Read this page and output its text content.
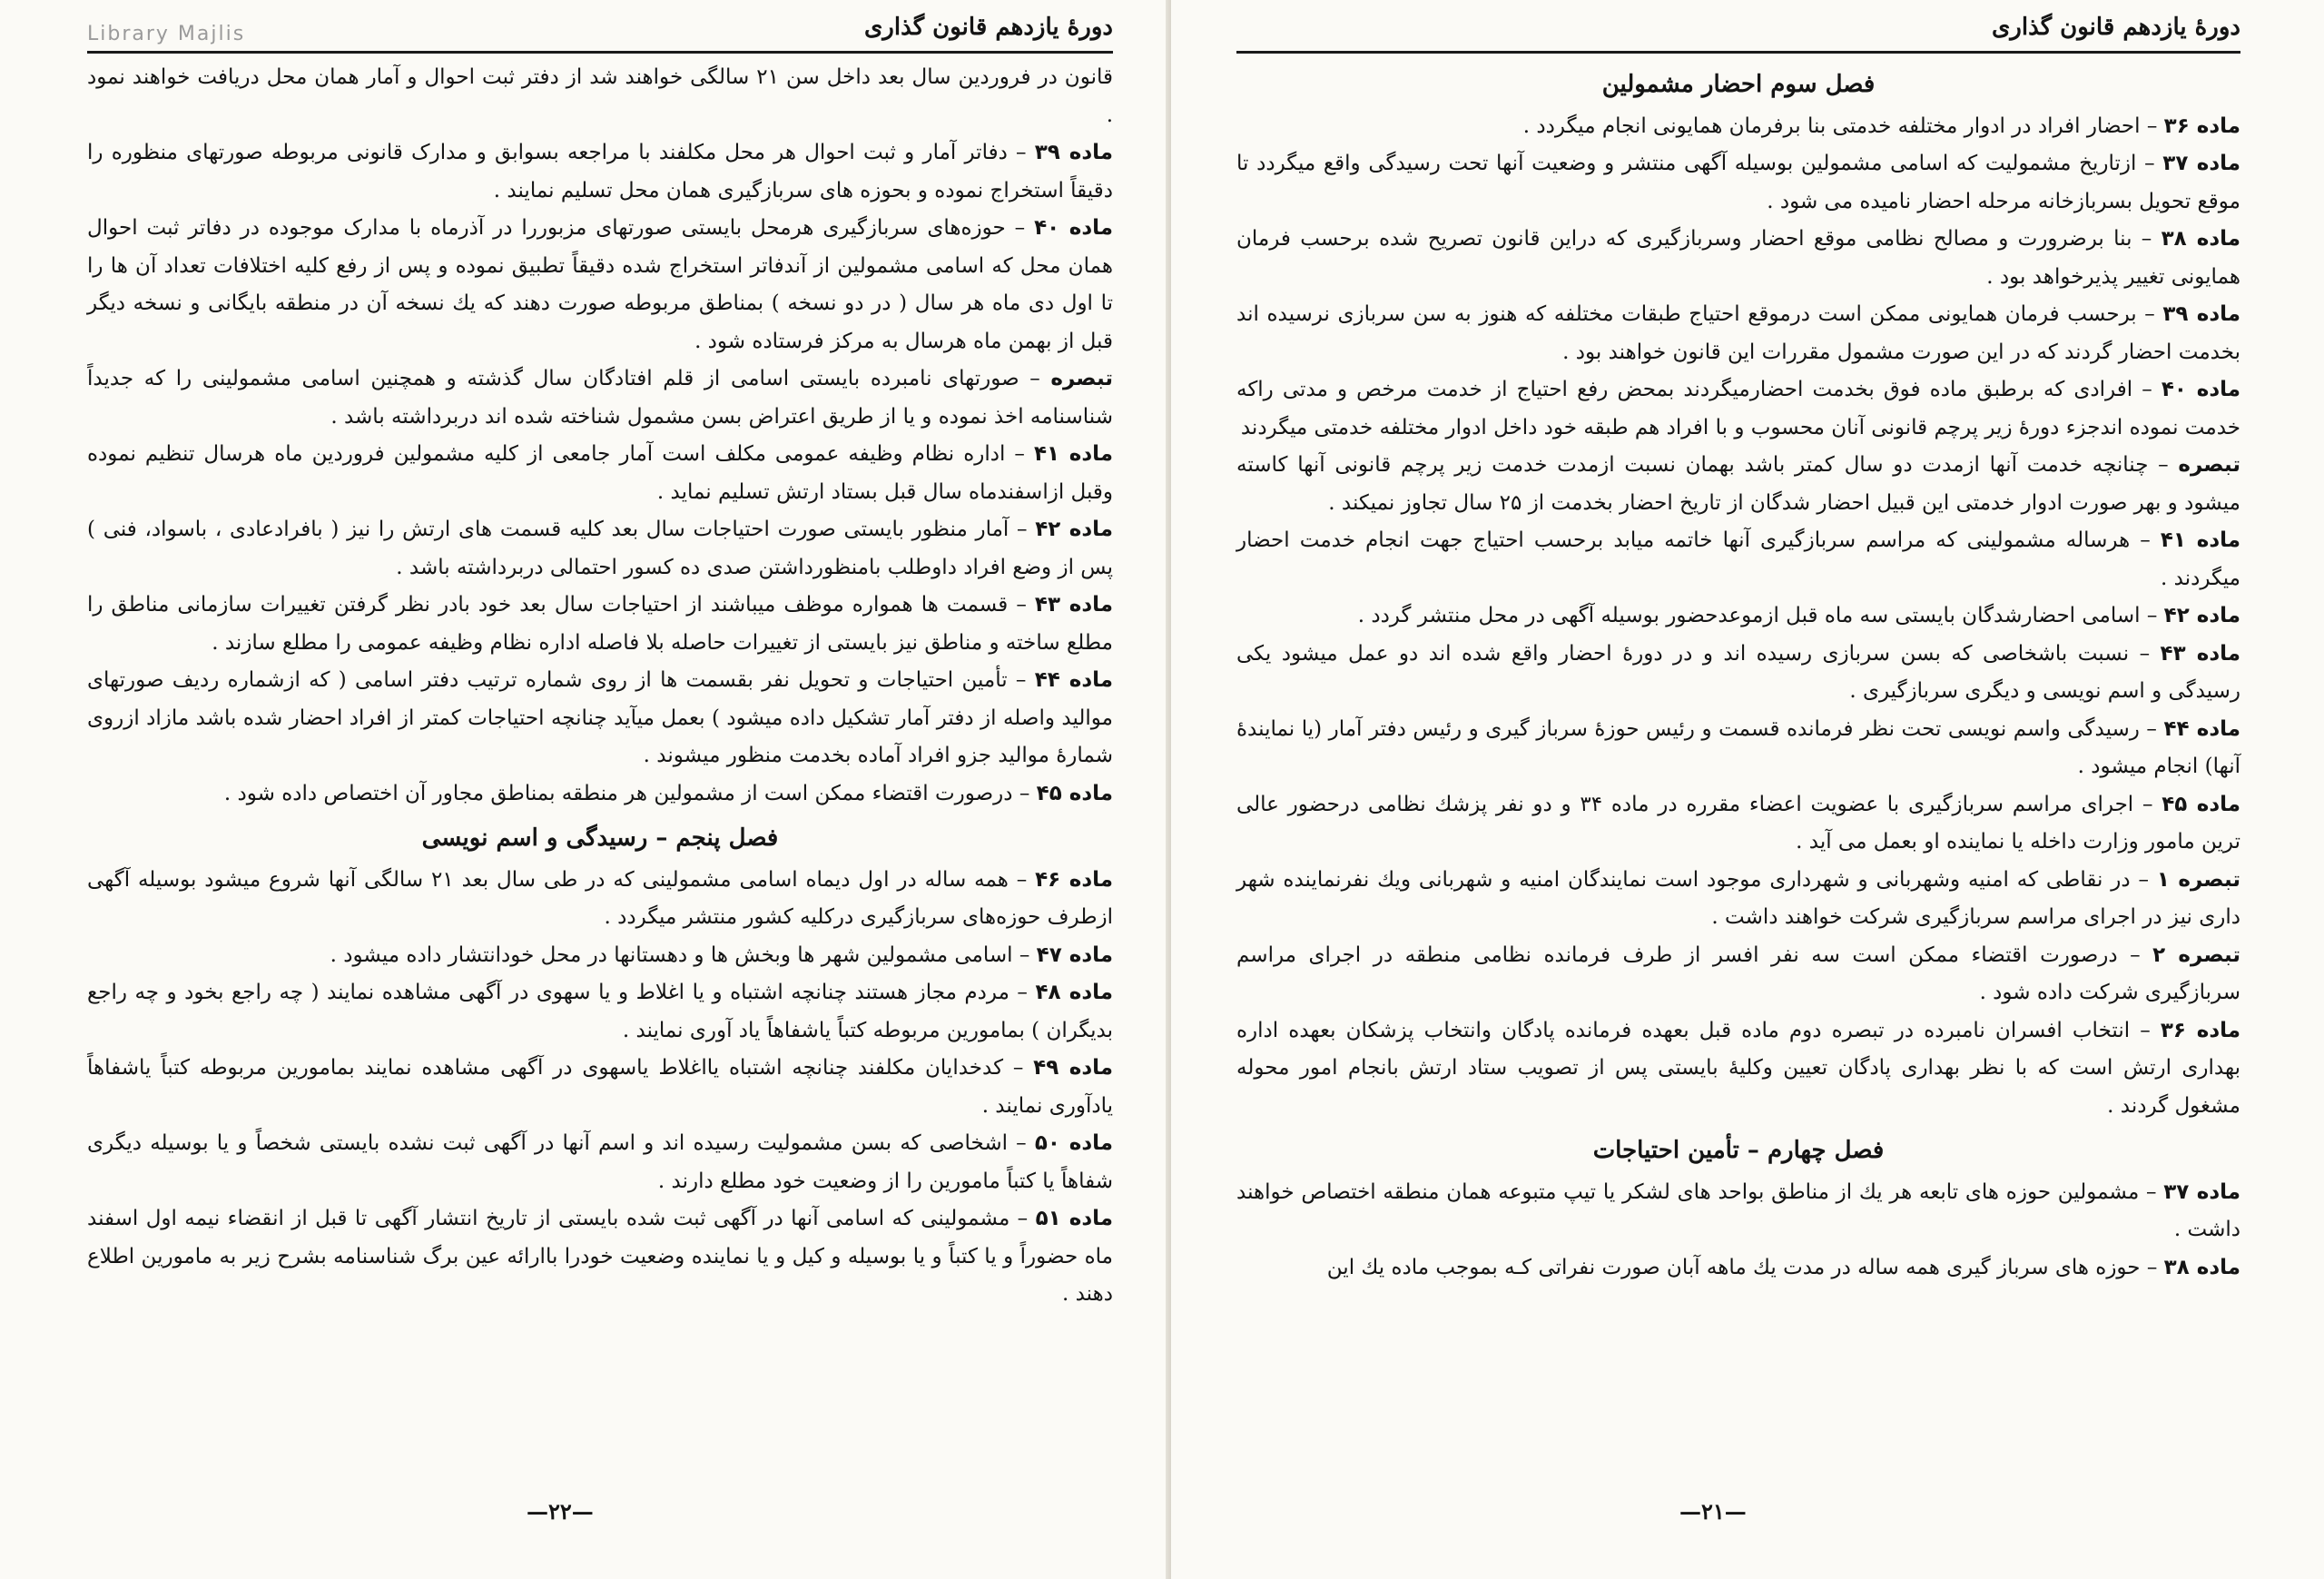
دورهٔ یازدهم قانون گذاری
Library Majlis

قانون در فروردین سال بعد داخل سن ۲۱ سالگی خواهند شد از دفتر ثبت احوال و آمار همان محل دریافت خواهند نمود .

ماده ۳۹ – دفاتر آمار و ثبت احوال هر محل مکلفند با مراجعه بسوابق و مدارک قانونی مربوطه صورتهای منظوره را دقیقاً استخراج نموده و بحوزه های سربازگیری همان محل تسلیم نمایند .

ماده ۴۰ – حوزه‌های سربازگیری هرمحل بایستی صورتهای مزبوررا در آذرماه با مدارک موجوده در دفاتر ثبت احوال همان محل که اسامی مشمولین از آندفاتر استخراج شده دقیقاً تطبیق نموده و پس از رفع کلیه اختلافات تعداد آن ها را تا اول دی ماه هر سال ( در دو نسخه ) بمناطق مربوطه صورت دهند که یك نسخه آن در منطقه بایگانی و نسخه دیگر قبل از بهمن ماه هرسال به مرکز فرستاده شود .

تبصره – صورتهای نامبرده بایستی اسامی از قلم افتادگان سال گذشته و همچنین اسامی مشمولینی را که جدیداً شناسنامه اخذ نموده و یا از طریق اعتراض بسن مشمول شناخته شده اند دربرداشته باشد .

ماده ۴۱ – اداره نظام وظیفه عمومی مکلف است آمار جامعی از کلیه مشمولین فروردین ماه هرسال تنظیم نموده وقبل ازاسفندماه سال قبل بستاد ارتش تسلیم نماید .

ماده ۴۲ – آمار منظور بایستی صورت احتیاجات سال بعد کلیه قسمت های ارتش را نیز ( بافرادعادی ، باسواد، فنی ) پس از وضع افراد داوطلب بامنظورداشتن صدی ده کسور احتمالی دربرداشته باشد .

ماده ۴۳ – قسمت ها همواره موظف میباشند از احتیاجات سال بعد خود بادر نظر گرفتن تغییرات سازمانی مناطق را مطلع ساخته و مناطق نیز بایستی از تغییرات حاصله بلا فاصله اداره نظام وظیفه عمومی را مطلع سازند .

ماده ۴۴ – تأمین احتیاجات و تحویل نفر بقسمت ها از روی شماره ترتیب دفتر اسامی ( که ازشماره ردیف صورتهای موالید واصله از دفتر آمار تشکیل داده میشود ) بعمل میآید چنانچه احتیاجات کمتر از افراد احضار شده باشد مازاد ازروی شمارهٔ موالید جزو افراد آماده بخدمت منظور میشوند .

ماده ۴۵ – درصورت اقتضاء ممکن است از مشمولین هر منطقه بمناطق مجاور آن اختصاص داده شود .

فصل پنجم – رسیدگی و اسم نویسی

ماده ۴۶ – همه ساله در اول دیماه اسامی مشمولینی که در طی سال بعد ۲۱ سالگی آنها شروع میشود بوسیله آگهی ازطرف حوزه‌های سربازگیری درکلیه کشور منتشر میگردد .

ماده ۴۷ – اسامی مشمولین شهر ها وبخش ها و دهستانها در محل خودانتشار داده میشود .

ماده ۴۸ – مردم مجاز هستند چنانچه اشتباه و یا اغلاط و یا سهوی در آگهی مشاهده نمایند ( چه راجع بخود و چه راجع بدیگران ) بمامورین مربوطه کتباً یاشفاهاً یاد آوری نمایند .

ماده ۴۹ – کدخدایان مکلفند چنانچه اشتباه یااغلاط یاسهوی در آگهی مشاهده نمایند بمامورین مربوطه کتباً یاشفاهاً یادآوری نمایند .

ماده ۵۰ – اشخاصی که بسن مشمولیت رسیده اند و اسم آنها در آگهی ثبت نشده بایستی شخصاً و یا بوسیله دیگری شفاهاً یا کتباً مامورین را از وضعیت خود مطلع دارند .

ماده ۵۱ – مشمولینی که اسامی آنها در آگهی ثبت شده بایستی از تاریخ انتشار آگهی تا قبل از انقضاء نیمه اول اسفند ماه حضوراً و یا کتباً و یا بوسیله و کیل و یا نماینده وضعیت خودرا باارائه عین برگ شناسنامه بشرح زیر به مامورین اطلاع دهند .

—۲۲—
دورهٔ یازدهم قانون گذاری
فصل سوم احضار مشمولین

ماده ۳۶ – احضار افراد در ادوار مختلفه خدمتی بنا برفرمان همایونی انجام میگردد .

ماده ۳۷ – ازتاریخ مشمولیت که اسامی مشمولین بوسیله آگهی منتشر و وضعیت آنها تحت رسیدگی واقع میگردد تا موقع تحویل بسربازخانه مرحله احضار نامیده می شود .

ماده ۳۸ – بنا برضرورت و مصالح نظامی موقع احضار وسربازگیری که دراین قانون تصریح شده برحسب فرمان همایونی تغییر پذیرخواهد بود .

ماده ۳۹ – برحسب فرمان همایونی ممکن است درموقع احتیاج طبقات مختلفه که هنوز به سن سربازی نرسیده اند بخدمت احضار گردند که در این صورت مشمول مقررات این قانون خواهند بود .

ماده ۴۰ – افرادی که برطبق ماده فوق بخدمت احضارمیگردند بمحض رفع احتیاج از خدمت مرخص و مدتی راکه خدمت نموده اندجزء دورهٔ زیر پرچم قانونی آنان محسوب و با افراد هم طبقه خود داخل ادوار مختلفه خدمتی میگردند

تبصره – چنانچه خدمت آنها ازمدت دو سال کمتر باشد بهمان نسبت ازمدت خدمت زیر پرچم قانونی آنها کاسته میشود و بهر صورت ادوار خدمتی این قبیل احضار شدگان از تاریخ احضار بخدمت از ۲۵ سال تجاوز نمیکند .

ماده ۴۱ – هرساله مشمولینی که مراسم سربازگیری آنها خاتمه میابد برحسب احتیاج جهت انجام خدمت احضار میگردند .

ماده ۴۲ – اسامی احضارشدگان بایستی سه ماه قبل ازموعدحضور بوسیله آگهی در محل منتشر گردد .

ماده ۴۳ – نسبت باشخاصی که بسن سربازی رسیده اند و در دورهٔ احضار واقع شده اند دو عمل میشود یکی رسیدگی و اسم نویسی و دیگری سربازگیری .

ماده ۴۴ – رسیدگی واسم نویسی تحت نظر فرمانده قسمت و رئیس حوزهٔ سرباز گیری و رئیس دفتر آمار (یا نمایندهٔ آنها) انجام میشود .

ماده ۴۵ – اجرای مراسم سربازگیری با عضویت اعضاء مقرره در ماده ۳۴ و دو نفر پزشك نظامی درحضور عالی ترین مامور وزارت داخله یا نماینده او بعمل می آید .

تبصره ۱ – در نقاطی که امنیه وشهربانی و شهرداری موجود است نمایندگان امنیه و شهربانی ویك نفرنماینده شهر داری نیز در اجرای مراسم سربازگیری شرکت خواهند داشت .

تبصره ۲ – درصورت اقتضاء ممکن است سه نفر افسر از طرف فرمانده نظامی منطقه در اجرای مراسم سربازگیری شرکت داده شود .

ماده ۳۶ – انتخاب افسران نامبرده در تبصره دوم ماده قبل بعهده فرمانده پادگان وانتخاب پزشکان بعهده اداره بهداری ارتش است که با نظر بهداری پادگان تعیین وکلیهٔ بایستی پس از تصویب ستاد ارتش بانجام امور محوله مشغول گردند .

فصل چهارم – تأمین احتیاجات

ماده ۳۷ – مشمولین حوزه های تابعه هر یك از مناطق بواحد های لشکر یا تیپ متبوعه همان منطقه اختصاص خواهند داشت .

ماده ۳۸ – حوزه های سرباز گیری همه ساله در مدت یك ماهه آبان صورت نفراتی کـه بموجب ماده یك این

—۲۱—
